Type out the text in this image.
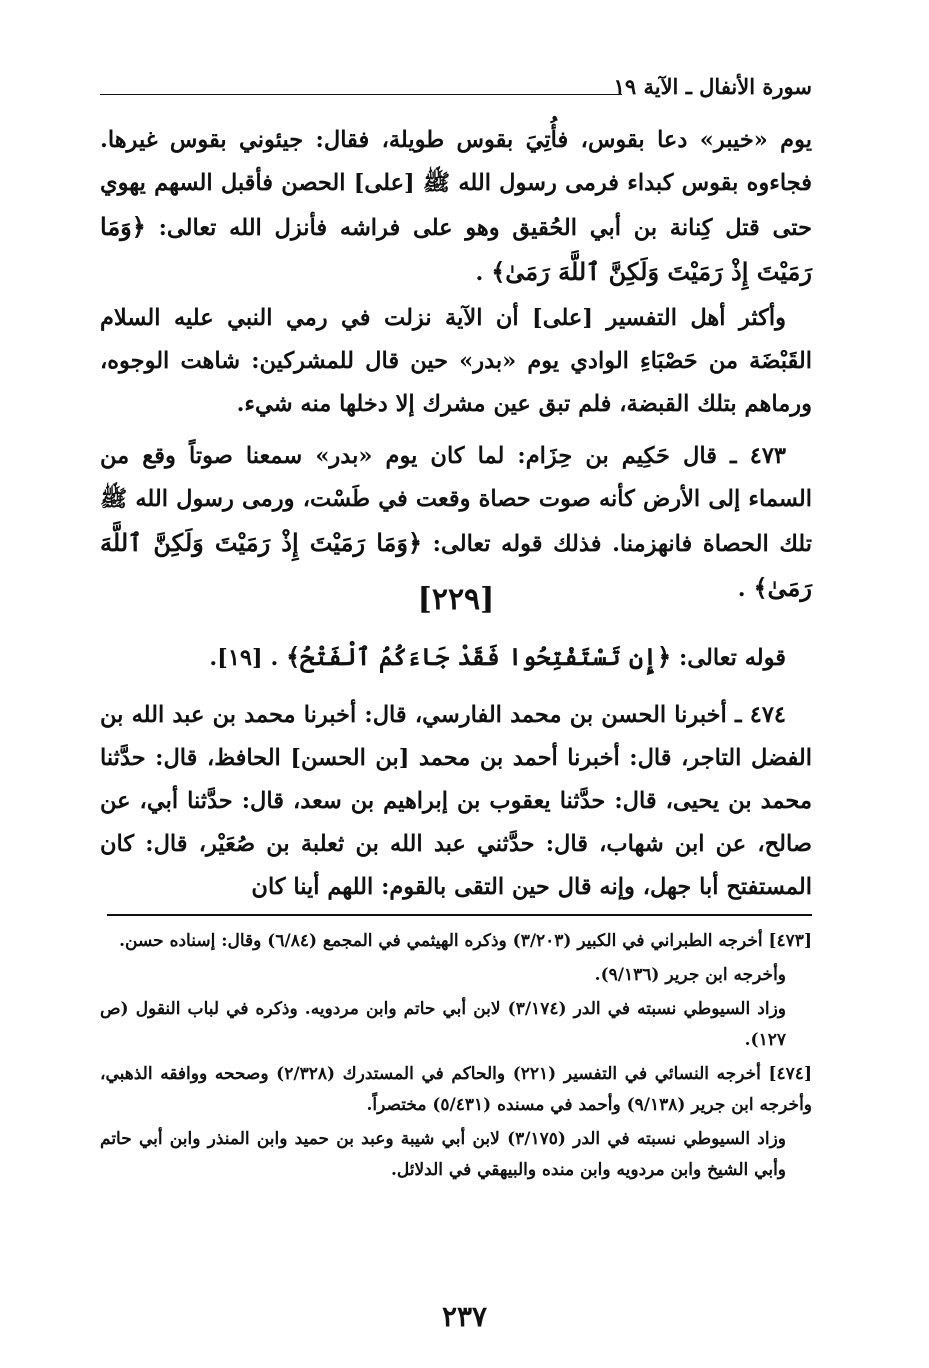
سورة الأنفال ـ الآية ١٩
يوم «خيبر» دعا بقوس، فأُتِيَ بقوس طويلة، فقال: جيئوني بقوس غيرها. فجاءوه بقوس كبداء فرمى رسول الله ﷺ [على] الحصن فأقبل السهم يهوي حتى قتل كِنانة بن أبي الحُقيق وهو على فراشه فأنزل الله تعالى: ﴿وَمَا رَمَيْتَ إِذْ رَمَيْتَ وَلَكِنَّ ٱللَّهَ رَمَىٰ﴾ .
وأكثر أهل التفسير [على] أن الآية نزلت في رمي النبي عليه السلام القَبْضَة من حَصْبَاءِ الوادي يوم «بدر» حين قال للمشركين: شاهت الوجوه، ورماهم بتلك القبضة، فلم تبق عين مشرك إلا دخلها منه شيء.
٤٧٣ ـ قال حَكِيم بن حِزَام: لما كان يوم «بدر» سمعنا صوتاً وقع من السماء إلى الأرض كأنه صوت حصاة وقعت في طَسْت، ورمى رسول الله ﷺ تلك الحصاة فانهزمنا. فذلك قوله تعالى: ﴿وَمَا رَمَيْتَ إِذْ رَمَيْتَ وَلَكِنَّ ٱللَّهَ رَمَىٰ﴾ .
[٢٢٩]
قوله تعالى: ﴿إِن تَسْتَفْتِحُوا فَقَدْ جَاءَكُمُ ٱلْفَتْحُ﴾ . [١٩].
٤٧٤ ـ أخبرنا الحسن بن محمد الفارسي، قال: أخبرنا محمد بن عبد الله بن الفضل التاجر، قال: أخبرنا أحمد بن محمد [بن الحسن] الحافظ، قال: حدَّثنا محمد بن يحيى، قال: حدَّثنا يعقوب بن إبراهيم بن سعد، قال: حدَّثنا أبي، عن صالح، عن ابن شهاب، قال: حدَّثني عبد الله بن ثعلبة بن صُعَيْر، قال: كان المستفتح أبا جهل، وإنه قال حين التقى بالقوم: اللهم أينا كان
[٤٧٣] أخرجه الطبراني في الكبير (٣/٢٠٣) وذكره الهيثمي في المجمع (٦/٨٤) وقال: إسناده حسن.
وأخرجه ابن جرير (٩/١٣٦).
وزاد السيوطي نسبته في الدر (٣/١٧٤) لابن أبي حاتم وابن مردويه. وذكره في لباب النقول (ص ١٢٧).
[٤٧٤] أخرجه النسائي في التفسير (٢٢١) والحاكم في المستدرك (٢/٣٢٨) وصححه ووافقه الذهبي، وأخرجه ابن جرير (٩/١٣٨) وأحمد في مسنده (٥/٤٣١) مختصراً.
وزاد السيوطي نسبته في الدر (٣/١٧٥) لابن أبي شيبة وعبد بن حميد وابن المنذر وابن أبي حاتم وأبي الشيخ وابن مردويه وابن منده والبيهقي في الدلائل.
٢٣٧
